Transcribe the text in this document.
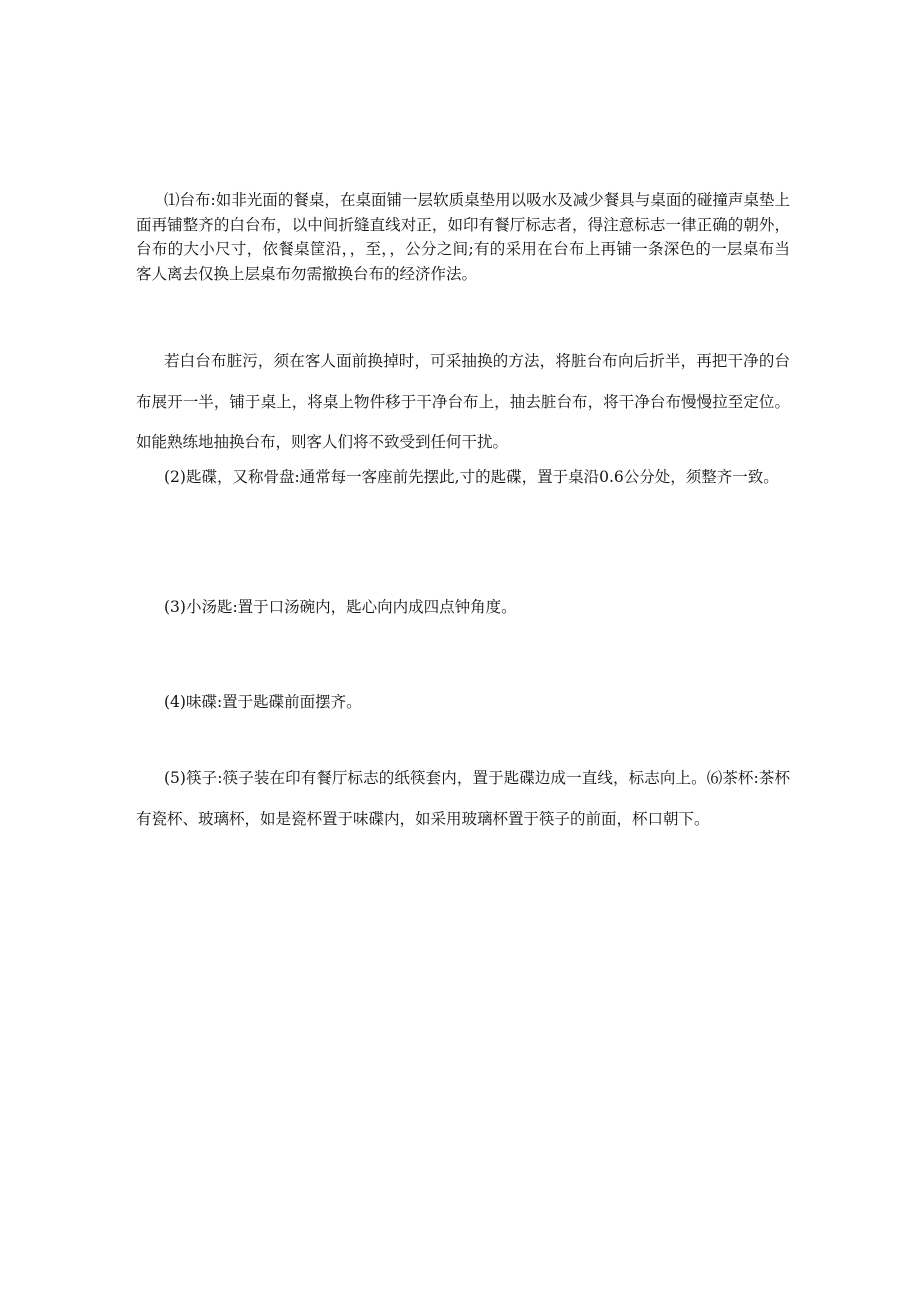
⑴台布:如非光面的餐桌，在桌面铺一层软质桌垫用以吸水及减少餐具与桌面的碰撞声桌垫上面再铺整齐的白台布，以中间折缝直线对正，如印有餐厅标志者，得注意标志一律正确的朝外，台布的大小尺寸，依餐桌筐沿，，至，，公分之间;有的采用在台布上再铺一条深色的一层桌布当客人离去仅换上层桌布勿需撤换台布的经济作法。

若白台布脏污，须在客人面前换掉时，可采抽换的方法，将脏台布向后折半，再把干净的台布展开一半，铺于桌上，将桌上物件移于干净台布上，抽去脏台布，将干净台布慢慢拉至定位。如能熟练地抽换台布，则客人们将不致受到任何干扰。

(2)匙碟，又称骨盘:通常每一客座前先摆此,寸的匙碟，置于桌沿0.6公分处，须整齐一致。

(3)小汤匙:置于口汤碗内，匙心向内成四点钟角度。

(4)味碟:置于匙碟前面摆齐。

(5)筷子:筷子装在印有餐厅标志的纸筷套内，置于匙碟边成一直线，标志向上。⑹茶杯:茶杯有瓷杯、玻璃杯，如是瓷杯置于味碟内，如采用玻璃杯置于筷子的前面，杯口朝下。
